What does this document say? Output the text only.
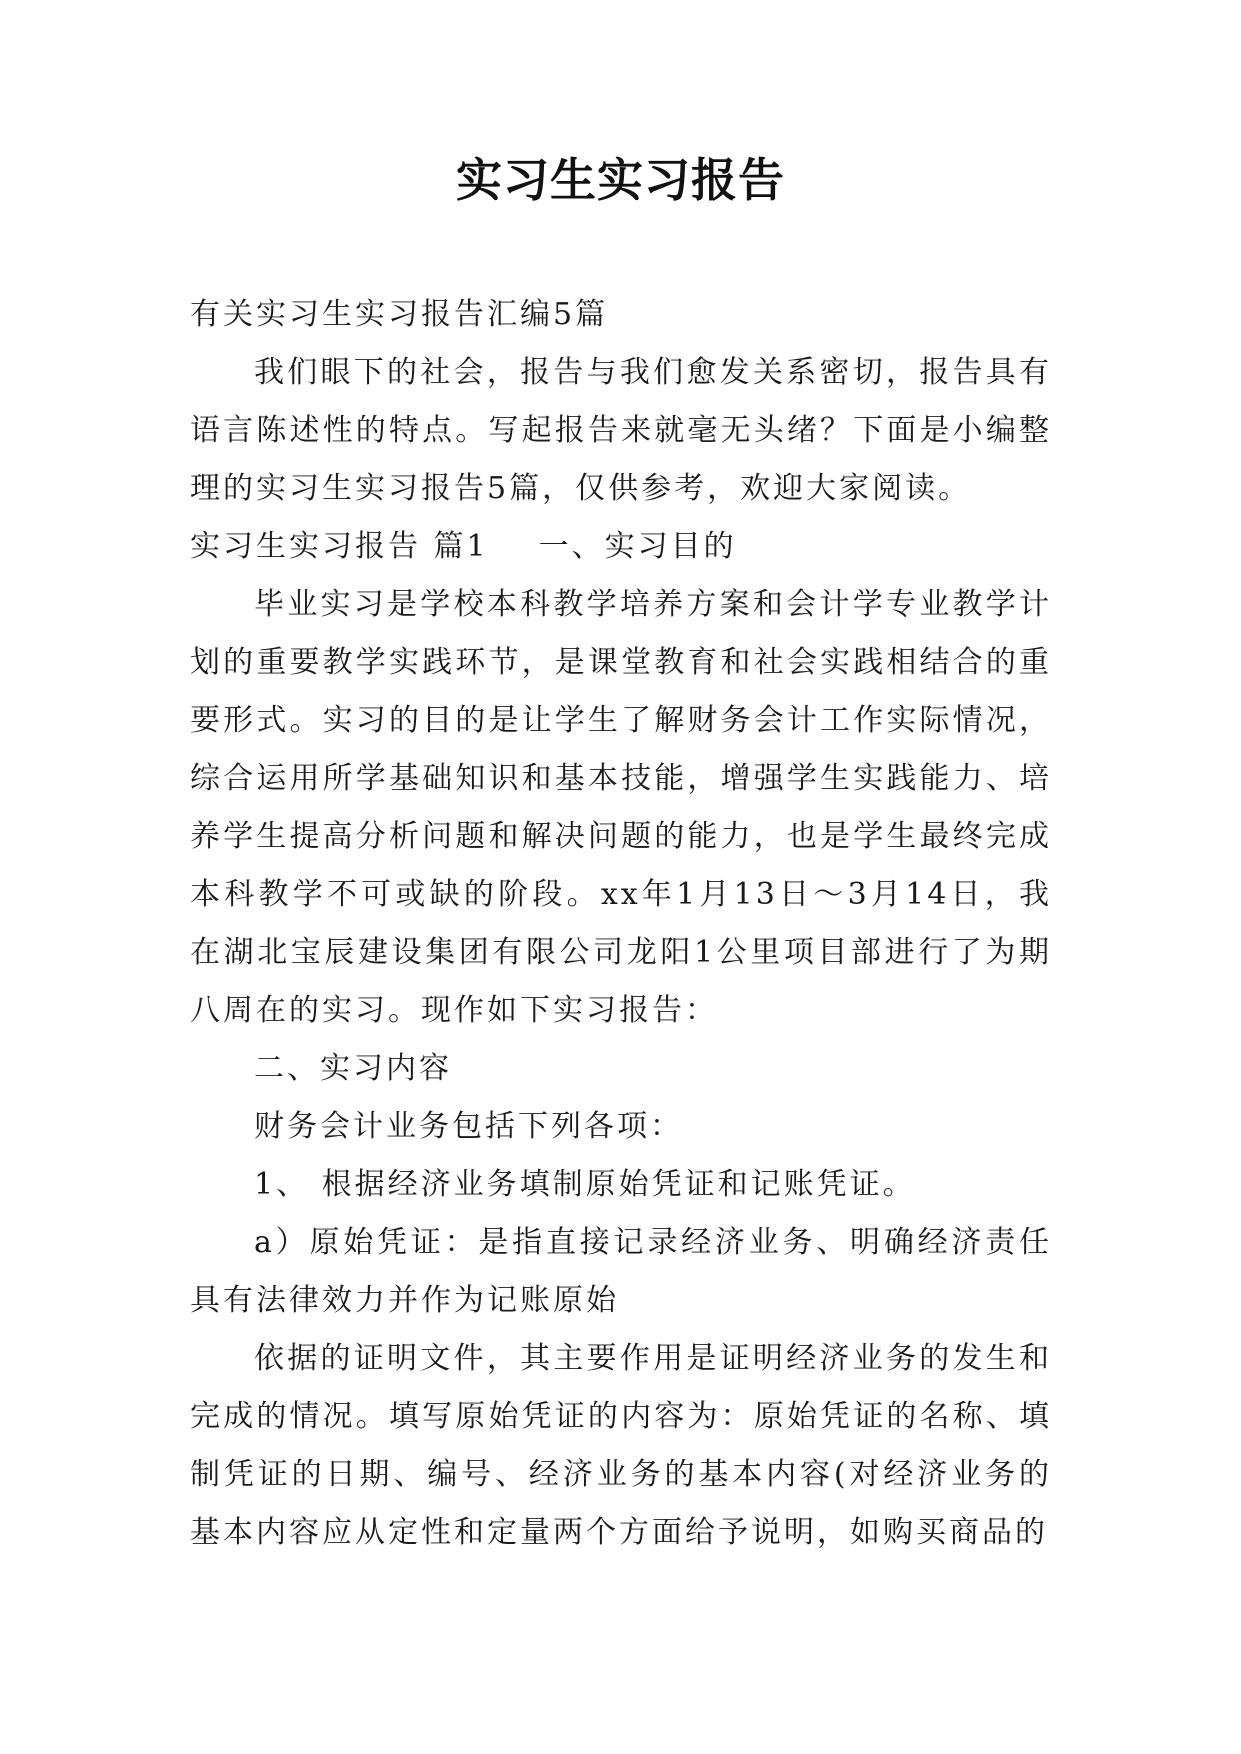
实习生实习报告

有关实习生实习报告汇编5篇

我们眼下的社会，报告与我们愈发关系密切，报告具有语言陈述性的特点。写起报告来就毫无头绪？下面是小编整理的实习生实习报告5篇，仅供参考，欢迎大家阅读。

实习生实习报告 篇1 一、实习目的

毕业实习是学校本科教学培养方案和会计学专业教学计划的重要教学实践环节，是课堂教育和社会实践相结合的重要形式。实习的目的是让学生了解财务会计工作实际情况，综合运用所学基础知识和基本技能，增强学生实践能力、培养学生提高分析问题和解决问题的能力，也是学生最终完成本科教学不可或缺的阶段。xx年1月13日～3月14日，我在湖北宝辰建设集团有限公司龙阳1公里项目部进行了为期八周在的实习。现作如下实习报告：

二、实习内容

财务会计业务包括下列各项：

1、 根据经济业务填制原始凭证和记账凭证。

a）原始凭证：是指直接记录经济业务、明确经济责任具有法律效力并作为记账原始

依据的证明文件，其主要作用是证明经济业务的发生和完成的情况。填写原始凭证的内容为：原始凭证的名称、填制凭证的日期、编号、经济业务的基本内容(对经济业务的基本内容应从定性和定量两个方面给予说明，如购买商品的
